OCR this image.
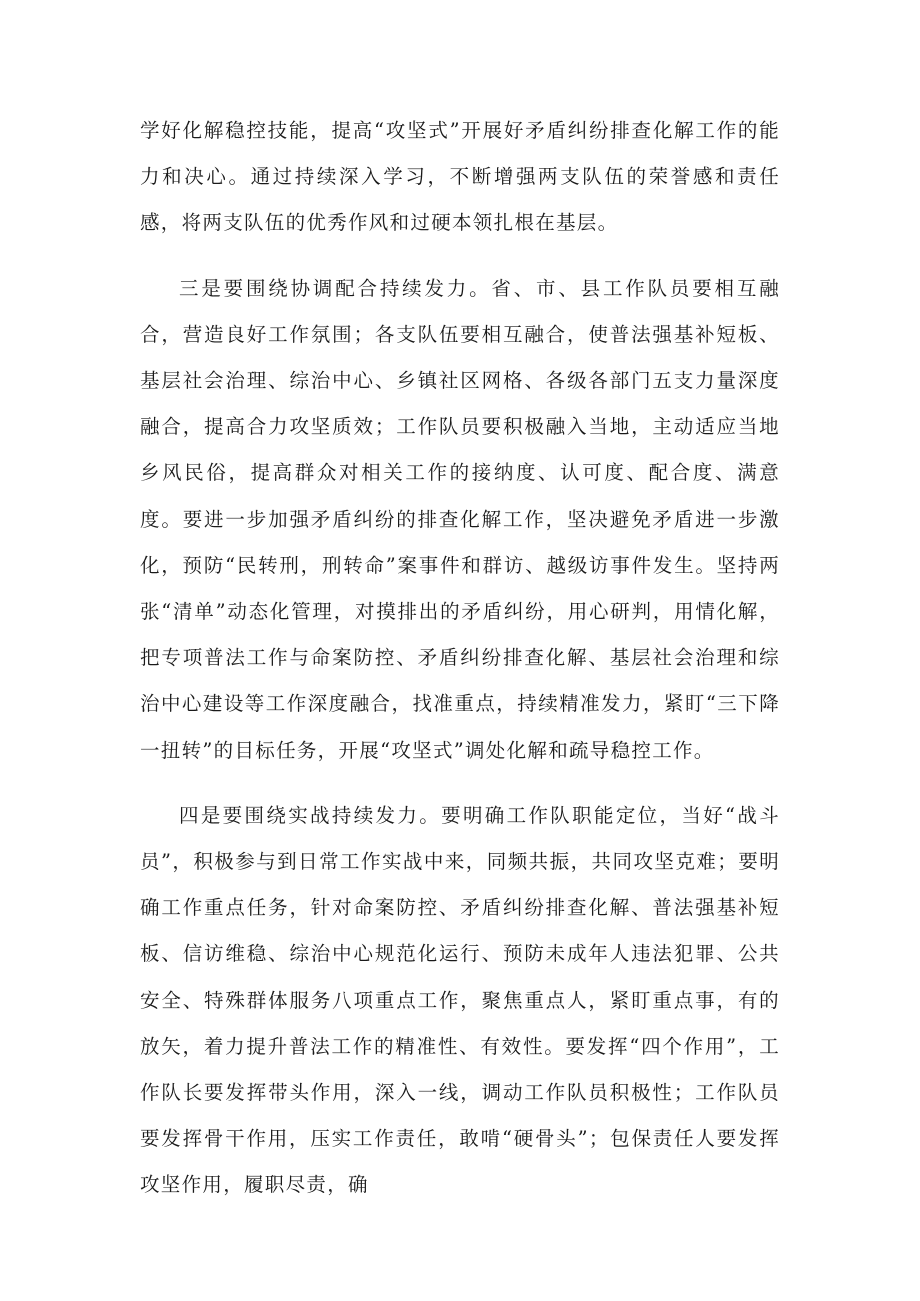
学好化解稳控技能，提高“攻坚式”开展好矛盾纠纷排查化解工作的能力和决心。通过持续深入学习，不断增强两支队伍的荣誉感和责任感，将两支队伍的优秀作风和过硬本领扎根在基层。

三是要围绕协调配合持续发力。省、市、县工作队员要相互融合，营造良好工作氛围；各支队伍要相互融合，使普法强基补短板、基层社会治理、综治中心、乡镇社区网格、各级各部门五支力量深度融合，提高合力攻坚质效；工作队员要积极融入当地，主动适应当地乡风民俗，提高群众对相关工作的接纳度、认可度、配合度、满意度。要进一步加强矛盾纠纷的排查化解工作，坚决避免矛盾进一步激化，预防“民转刑，刑转命”案事件和群访、越级访事件发生。坚持两张“清单”动态化管理，对摸排出的矛盾纠纷，用心研判，用情化解，把专项普法工作与命案防控、矛盾纠纷排查化解、基层社会治理和综治中心建设等工作深度融合，找准重点，持续精准发力，紧盯“三下降一扭转”的目标任务，开展“攻坚式”调处化解和疏导稳控工作。

四是要围绕实战持续发力。要明确工作队职能定位，当好“战斗员”，积极参与到日常工作实战中来，同频共振，共同攻坚克难；要明确工作重点任务，针对命案防控、矛盾纠纷排查化解、普法强基补短板、信访维稳、综治中心规范化运行、预防未成年人违法犯罪、公共安全、特殊群体服务八项重点工作，聚焦重点人，紧盯重点事，有的放矢，着力提升普法工作的精准性、有效性。要发挥“四个作用”，工作队长要发挥带头作用，深入一线，调动工作队员积极性；工作队员要发挥骨干作用，压实工作责任，敢啃“硬骨头”；包保责任人要发挥攻坚作用，履职尽责，确
